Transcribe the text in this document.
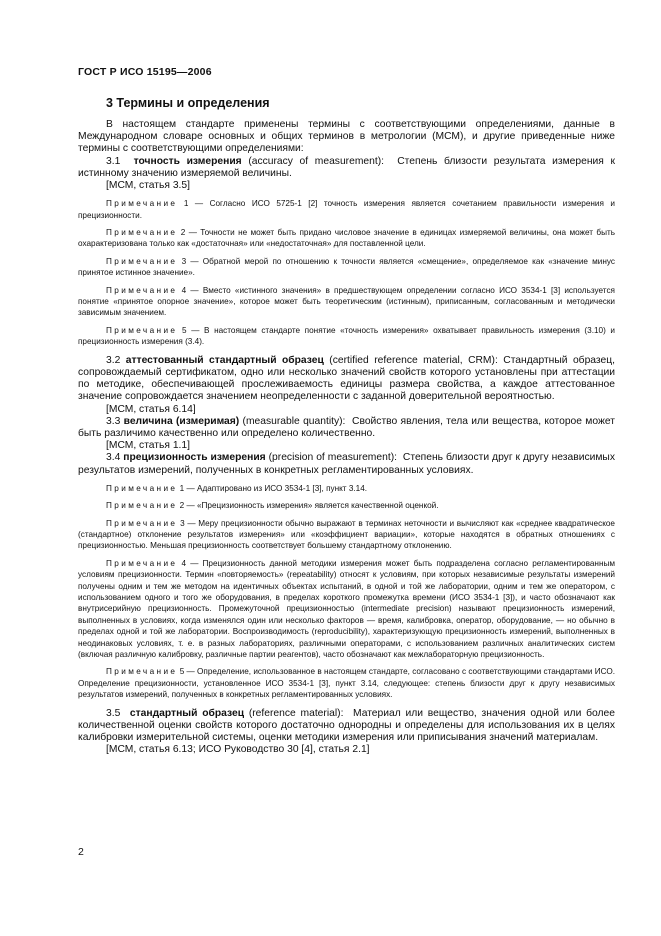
ГОСТ Р ИСО 15195—2006
3 Термины и определения

В настоящем стандарте применены термины с соответствующими определениями, данные в Международном словаре основных и общих терминов в метрологии (МСМ), и другие приведенные ниже термины с соответствующими определениями:

3.1 точность измерения (accuracy of measurement): Степень близости результата измерения к истинному значению измеряемой величины.

[МСМ, статья 3.5]

Примечание 1 — Согласно ИСО 5725-1 [2] точность измерения является сочетанием правильности измерения и прецизионности.

Примечание 2 — Точности не может быть придано числовое значение в единицах измеряемой величины, она может быть охарактеризована только как «достаточная» или «недостаточная» для поставленной цели.

Примечание 3 — Обратной мерой по отношению к точности является «смещение», определяемое как «значение минус принятое истинное значение».

Примечание 4 — Вместо «истинного значения» в предшествующем определении согласно ИСО 3534-1 [3] используется понятие «принятое опорное значение», которое может быть теоретическим (истинным), приписанным, согласованным и методически зависимым значением.

Примечание 5 — В настоящем стандарте понятие «точность измерения» охватывает правильность измерения (3.10) и прецизионность измерения (3.4).

3.2 аттестованный стандартный образец (certified reference material, CRM): Стандартный образец, сопровождаемый сертификатом, одно или несколько значений свойств которого установлены при аттестации по методике, обеспечивающей прослеживаемость единицы размера свойства, а каждое аттестованное значение сопровождается значением неопределенности с заданной доверительной вероятностью.

[МСМ, статья 6.14]

3.3 величина (измеримая) (measurable quantity): Свойство явления, тела или вещества, которое может быть различимо качественно или определено количественно.

[МСМ, статья 1.1]

3.4 прецизионность измерения (precision of measurement): Степень близости друг к другу независимых результатов измерений, полученных в конкретных регламентированных условиях.

Примечание 1 — Адаптировано из ИСО 3534-1 [3], пункт 3.14.

Примечание 2 — «Прецизионность измерения» является качественной оценкой.

Примечание 3 — Меру прецизионности обычно выражают в терминах неточности и вычисляют как «среднее квадратическое (стандартное) отклонение результатов измерения» или «коэффициент вариации», которые находятся в обратных отношениях с прецизионностью. Меньшая прецизионность соответствует большему стандартному отклонению.

Примечание 4 — Прецизионность данной методики измерения может быть подразделена согласно регламентированным условиям прецизионности. Термин «повторяемость» (repeatability) относят к условиям, при которых независимые результаты измерений получены одним и тем же методом на идентичных объектах испытаний, в одной и той же лаборатории, одним и тем же оператором, с использованием одного и того же оборудования, в пределах короткого промежутка времени (ИСО 3534-1 [3]), и часто обозначают как внутрисерийную прецизионность. Промежуточной прецизионностью (intermediate precision) называют прецизионность измерений, выполненных в условиях, когда изменялся один или несколько факторов — время, калибровка, оператор, оборудование, — но обычно в пределах одной и той же лаборатории. Воспроизводимость (reproducibility), характеризующую прецизионность измерений, выполненных в неодинаковых условиях, т. е. в разных лабораториях, различными операторами, с использованием различных аналитических систем (включая различную калибровку, различные партии реагентов), часто обозначают как межлабораторную прецизионность.

Примечание 5 — Определение, использованное в настоящем стандарте, согласовано с соответствующими стандартами ИСО. Определение прецизионности, установленное ИСО 3534-1 [3], пункт 3.14, следующее: степень близости друг к другу независимых результатов измерений, полученных в конкретных регламентированных условиях.

3.5 стандартный образец (reference material): Материал или вещество, значения одной или более количественной оценки свойств которого достаточно однородны и определены для использования их в целях калибровки измерительной системы, оценки методики измерения или приписывания значений материалам.

[МСМ, статья 6.13; ИСО Руководство 30 [4], статья 2.1]

2
